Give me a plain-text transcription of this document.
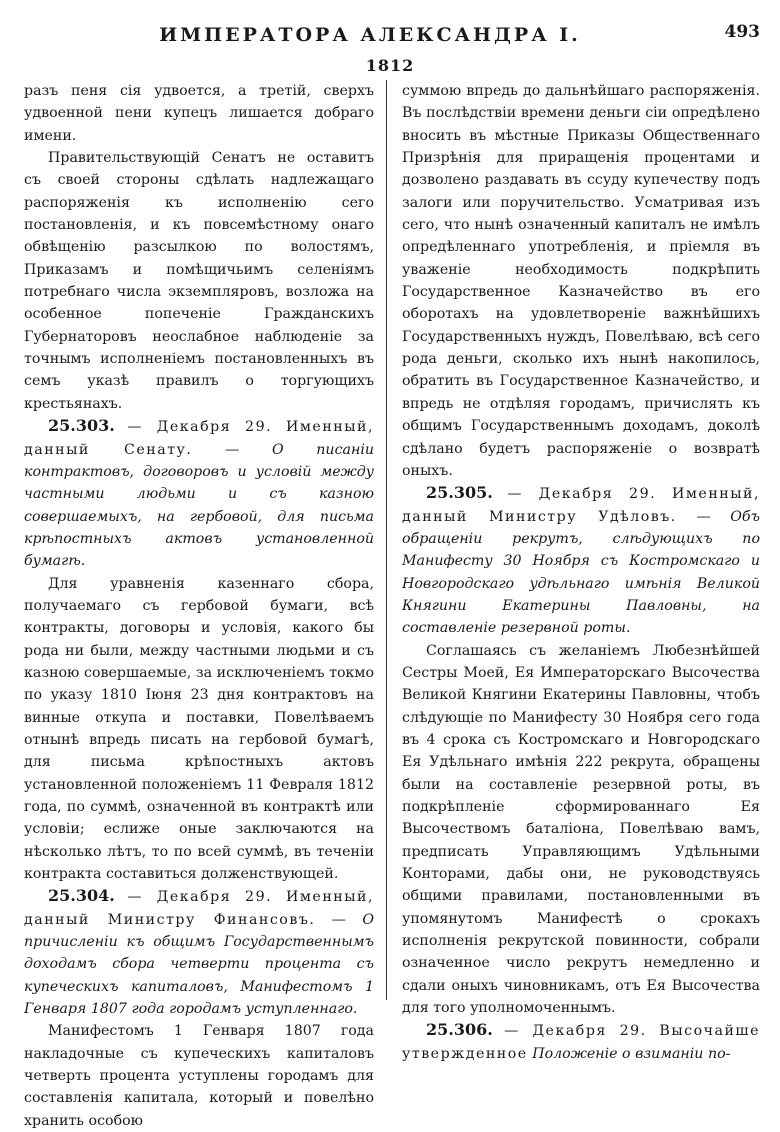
ИМПЕРАТОРА АЛЕКСАНДРА I.	493
1812

разъ пеня сія удвоется, а третій, сверхъ удвоенной пени купецъ лишается добраго имени.

Правительствующій Сенатъ не оставитъ съ своей стороны сдѣлать надлежащаго распоряженія къ исполненію сего постановленія, и къ повсемѣстному онаго обвѣщенію разсылкою по волостямъ, Приказамъ и помѣщичьимъ селеніямъ потребнаго числа экземпляровъ, возложа на особенное попеченіе Гражданскихъ Губернаторовъ неослабное наблюденіе за точнымъ исполненіемъ постановленныхъ въ семъ указѣ правилъ о торгующихъ крестьянахъ.

25.303. — Декабря 29. Именный, данный Сенату. — О писаніи контрактовъ, договоровъ и условій между частными людьми и съ казною совершаемыхъ, на гербовой, для письма крѣпостныхъ актовъ установленной бумагѣ.

Для уравненія казеннаго сбора, получаемаго съ гербовой бумаги, всѣ контракты, договоры и условія, какого бы рода ни были, между частными людьми и съ казною совершаемые, за исключеніемъ токмо по указу 1810 Іюня 23 дня контрактовъ на винные откупа и поставки, Повелѣваемъ отнынѣ впредь писать на гербовой бумагѣ, для письма крѣпостныхъ актовъ установленной положеніемъ 11 Февраля 1812 года, по суммѣ, означенной въ контрактѣ или условіи; еслиже оные заключаются на нѣсколько лѣтъ, то по всей суммѣ, въ теченіи контракта составиться долженствующей.

25.304. — Декабря 29. Именный, данный Министру Финансовъ. — О причисленіи къ общимъ Государственнымъ доходамъ сбора четверти процента съ купеческихъ капиталовъ, Манифестомъ 1 Генваря 1807 года городамъ уступленнаго.

Манифестомъ 1 Генваря 1807 года накладочные съ купеческихъ капиталовъ четверть процента уступлены городамъ для составленія капитала, который и повелѣно хранить особою

суммою впредь до дальнѣйшаго распоряженія. Въ послѣдствіи времени деньги сіи опредѣлено вносить въ мѣстные Приказы Общественнаго Призрѣнія для приращенія процентами и дозволено раздавать въ ссуду купечеству подъ залоги или поручительство. Усматривая изъ сего, что нынѣ означенный капиталъ не имѣлъ опредѣленнаго употребленія, и пріемля въ уваженіе необходимость подкрѣпить Государственное Казначейство въ его оборотахъ на удовлетвореніе важнѣйшихъ Государственныхъ нуждъ, Повелѣваю, всѣ сего рода деньги, сколько ихъ нынѣ накопилось, обратить въ Государственное Казначейство, и впредь не отдѣляя городамъ, причислять къ общимъ Государственнымъ доходамъ, доколѣ сдѣлано будетъ распоряженіе о возвратѣ оныхъ.

25.305. — Декабря 29. Именный, данный Министру Удѣловъ. — Объ обращеніи рекрутъ, слѣдующихъ по Манифесту 30 Ноября съ Костромскаго и Новгородскаго удѣльнаго имѣнія Великой Княгини Екатерины Павловны, на составленіе резервной роты.

Соглашаясь съ желаніемъ Любезнѣйшей Сестры Моей, Ея Императорскаго Высочества Великой Княгини Екатерины Павловны, чтобъ слѣдующіе по Манифесту 30 Ноября сего года въ 4 срока съ Костромскаго и Новгородскаго Ея Удѣльнаго имѣнія 222 рекрута, обращены были на составленіе резервной роты, въ подкрѣпленіе сформированнаго Ея Высочествомъ баталіона, Повелѣваю вамъ, предписать Управляющимъ Удѣльными Конторами, дабы они, не руководствуясь общими правилами, постановленными въ упомянутомъ Манифестѣ о срокахъ исполненія рекрутской повинности, собрали означенное число рекрутъ немедленно и сдали оныхъ чиновникамъ, отъ Ея Высочества для того уполномоченнымъ.

25.306. — Декабря 29. Высочайше утвержденное Положеніе о взиманіи по-
